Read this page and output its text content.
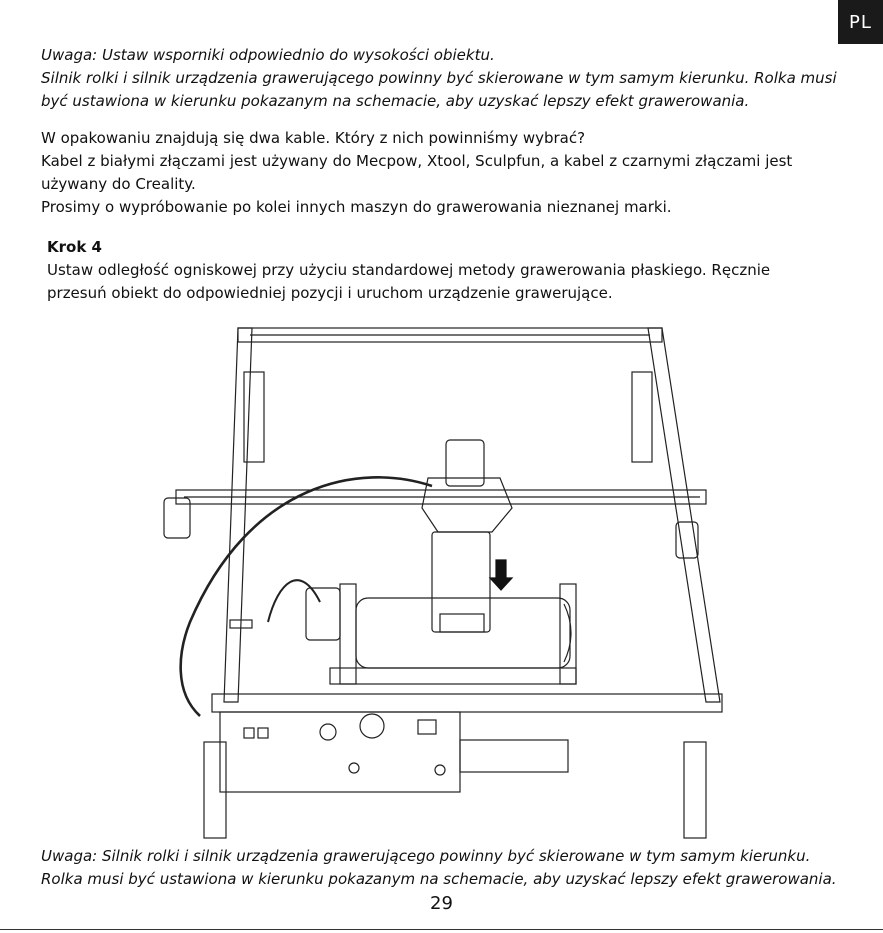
PL

Uwaga: Ustaw wsporniki odpowiednio do wysokości obiektu.

Silnik rolki i silnik urządzenia grawerującego powinny być skierowane w tym samym kierunku. Rolka musi

być ustawiona w kierunku pokazanym na schemacie, aby uzyskać lepszy efekt grawerowania.

W opakowaniu znajdują się dwa kable. Który z nich powinniśmy wybrać?

Kabel z białymi złączami jest używany do Mecpow, Xtool, Sculpfun, a kabel z czarnymi złączami jest

używany do Creality.

Prosimy o wypróbowanie po kolei innych maszyn do grawerowania nieznanej marki.

Krok 4

Ustaw odległość ogniskowej przy użyciu standardowej metody grawerowania płaskiego. Ręcznie

przesuń obiekt do odpowiedniej pozycji i uruchom urządzenie grawerujące.

Uwaga: Silnik rolki i silnik urządzenia grawerującego powinny być skierowane w tym samym kierunku.

Rolka musi być ustawiona w kierunku pokazanym na schemacie, aby uzyskać lepszy efekt grawerowania.

29
